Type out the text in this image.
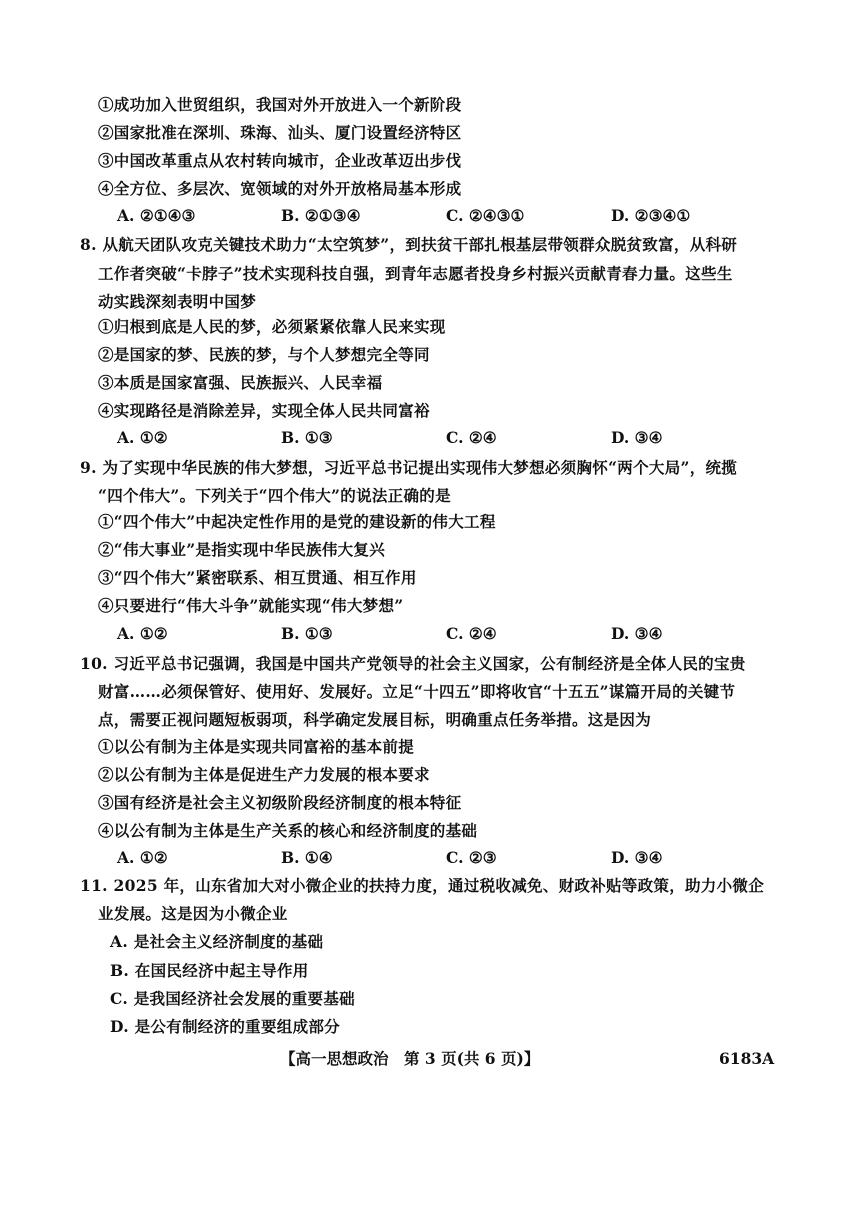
①成功加入世贸组织，我国对外开放进入一个新阶段
②国家批准在深圳、珠海、汕头、厦门设置经济特区
③中国改革重点从农村转向城市，企业改革迈出步伐
④全方位、多层次、宽领域的对外开放格局基本形成
A. ②①④③	B. ②①③④	C. ②④③①	D. ②③④①
8. 从航天团队攻克关键技术助力“太空筑梦”，到扶贫干部扎根基层带领群众脱贫致富，从科研
工作者突破“卡脖子”技术实现科技自强，到青年志愿者投身乡村振兴贡献青春力量。这些生
动实践深刻表明中国梦
①归根到底是人民的梦，必须紧紧依靠人民来实现
②是国家的梦、民族的梦，与个人梦想完全等同
③本质是国家富强、民族振兴、人民幸福
④实现路径是消除差异，实现全体人民共同富裕
A. ①②	B. ①③	C. ②④	D. ③④
9. 为了实现中华民族的伟大梦想，习近平总书记提出实现伟大梦想必须胸怀“两个大局”，统揽
“四个伟大”。下列关于“四个伟大”的说法正确的是
①“四个伟大”中起决定性作用的是党的建设新的伟大工程
②“伟大事业”是指实现中华民族伟大复兴
③“四个伟大”紧密联系、相互贯通、相互作用
④只要进行“伟大斗争”就能实现“伟大梦想”
A. ①②	B. ①③	C. ②④	D. ③④
10. 习近平总书记强调，我国是中国共产党领导的社会主义国家，公有制经济是全体人民的宝贵
财富……必须保管好、使用好、发展好。立足“十四五”即将收官“十五五”谋篇开局的关键节
点，需要正视问题短板弱项，科学确定发展目标，明确重点任务举措。这是因为
①以公有制为主体是实现共同富裕的基本前提
②以公有制为主体是促进生产力发展的根本要求
③国有经济是社会主义初级阶段经济制度的根本特征
④以公有制为主体是生产关系的核心和经济制度的基础
A. ①②	B. ①④	C. ②③	D. ③④
11. 2025 年，山东省加大对小微企业的扶持力度，通过税收减免、财政补贴等政策，助力小微企
业发展。这是因为小微企业
A. 是社会主义经济制度的基础
B. 在国民经济中起主导作用
C. 是我国经济社会发展的重要基础
D. 是公有制经济的重要组成部分
【高一思想政治　第 3 页(共 6 页)】	6183A
